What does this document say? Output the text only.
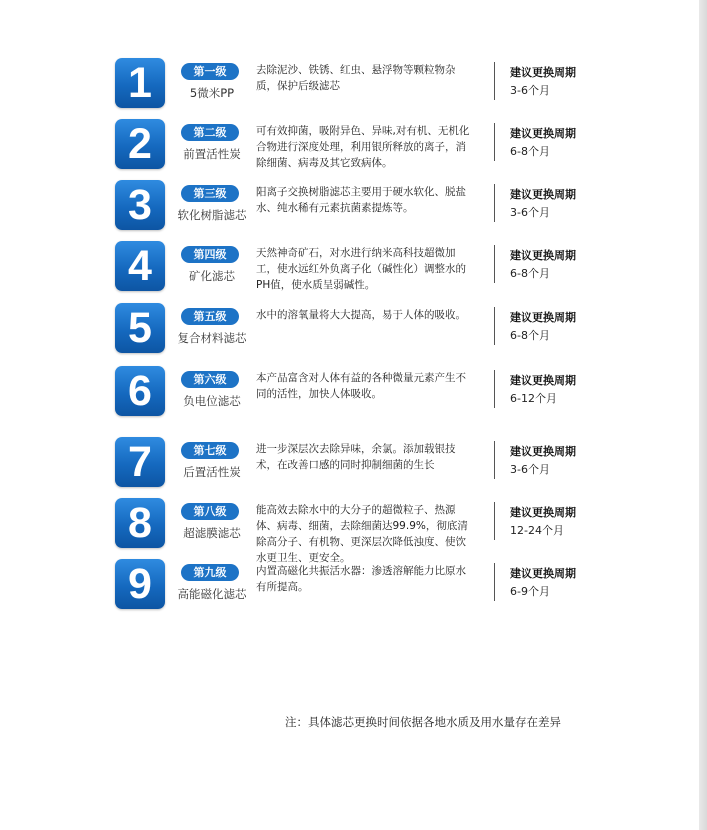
1	第一级
5微米PP
去除泥沙、铁锈、红虫、悬浮物等颗粒物杂质，保护后级滤芯
建议更换周期
3-6个月
2	第二级
前置活性炭
可有效抑菌，吸附异色、异味,对有机、无机化合物进行深度处理，利用银所释放的离子，消除细菌、病毒及其它致病体。
建议更换周期
6-8个月
3	第三级
软化树脂滤芯
阳离子交换树脂滤芯主要用于硬水软化、脱盐水、纯水稀有元素抗菌素提炼等。
建议更换周期
3-6个月
4	第四级
矿化滤芯
天然神奇矿石，对水进行纳米高科技超微加工，使水远红外负离子化（碱性化）调整水的PH值，使水质呈弱碱性。
建议更换周期
6-8个月
5	第五级
复合材料滤芯
水中的溶氧量将大大提高，易于人体的吸收。	建议更换周期
6-8个月
6	第六级
负电位滤芯
本产品富含对人体有益的各种微量元素产生不同的活性，加快人体吸收。
建议更换周期
6-12个月
7	第七级
后置活性炭
进一步深层次去除异味，余氯。添加载银技术，在改善口感的同时抑制细菌的生长
建议更换周期
3-6个月
8	第八级
超滤膜滤芯
能高效去除水中的大分子的超微粒子、热源体、病毒、细菌，去除细菌达99.9%，彻底清除高分子、有机物、更深层次降低浊度、使饮水更卫生、更安全。
建议更换周期
12-24个月
9	第九级
高能磁化滤芯
内置高磁化共振活水器：渗透溶解能力比原水有所提高。
建议更换周期
6-9个月
注：具体滤芯更换时间依据各地水质及用水量存在差异
